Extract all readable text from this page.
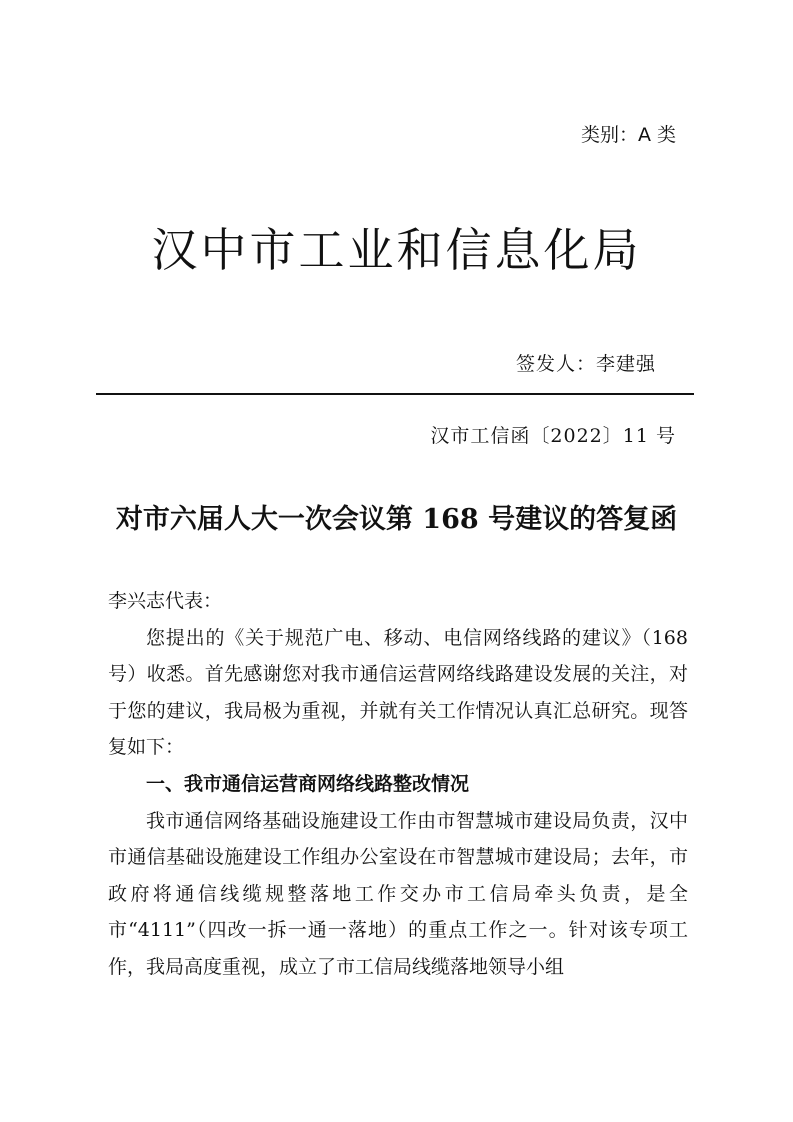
类别：A 类
汉中市工业和信息化局
签发人：李建强
汉市工信函〔2022〕11 号
对市六届人大一次会议第 168 号建议的答复函

李兴志代表：

您提出的《关于规范广电、移动、电信网络线路的建议》（168 号）收悉。首先感谢您对我市通信运营网络线路建设发展的关注，对于您的建议，我局极为重视，并就有关工作情况认真汇总研究。现答复如下：

一、我市通信运营商网络线路整改情况

我市通信网络基础设施建设工作由市智慧城市建设局负责，汉中市通信基础设施建设工作组办公室设在市智慧城市建设局；去年，市政府将通信线缆规整落地工作交办市工信局牵头负责，是全市“4111”（四改一拆一通一落地）的重点工作之一。针对该专项工作，我局高度重视，成立了市工信局线缆落地领导小组
